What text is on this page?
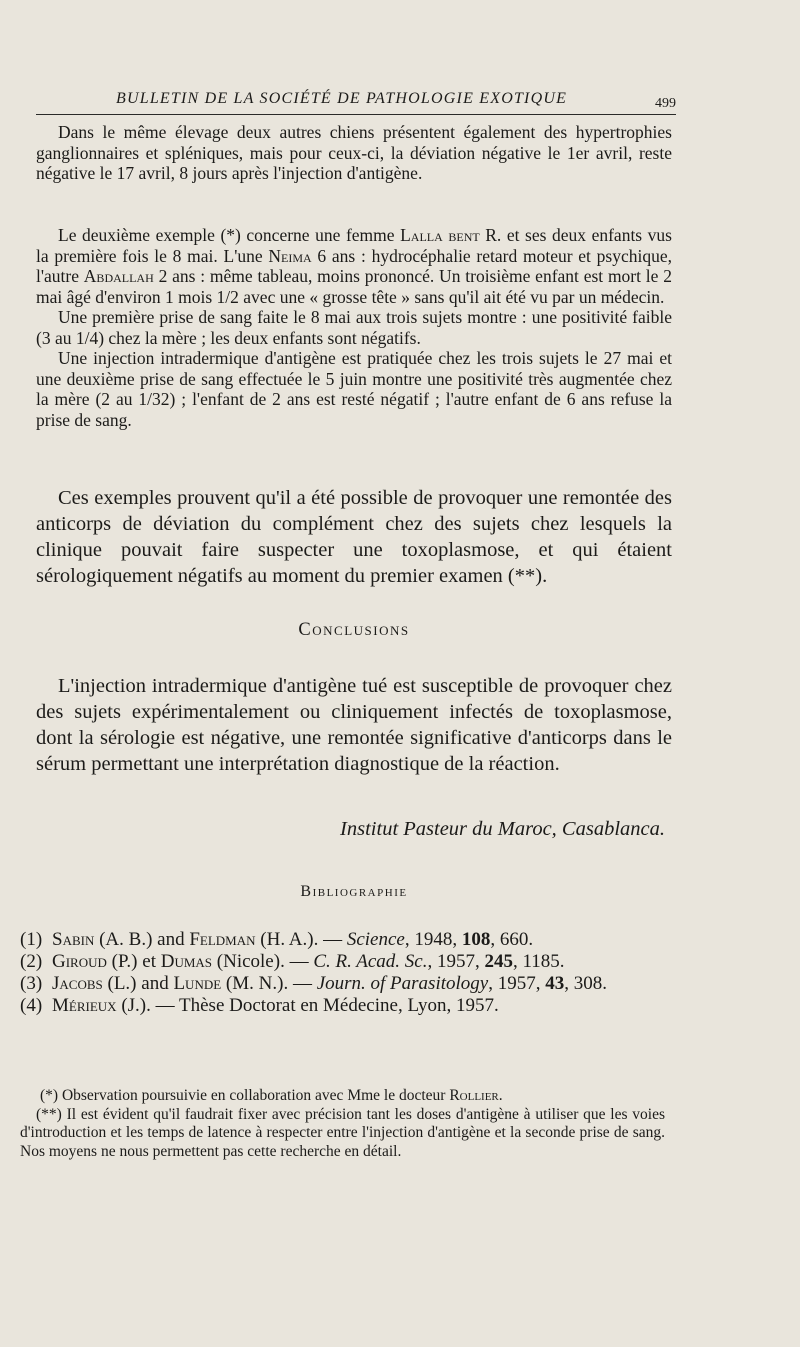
BULLETIN DE LA SOCIÉTÉ DE PATHOLOGIE EXOTIQUE	499

Dans le même élevage deux autres chiens présentent également des hypertrophies ganglionnaires et spléniques, mais pour ceux-ci, la déviation négative le 1er avril, reste négative le 17 avril, 8 jours après l'injection d'antigène.

Le deuxième exemple (*) concerne une femme Lalla bent R. et ses deux enfants vus la première fois le 8 mai. L'une Neima 6 ans : hydrocéphalie retard moteur et psychique, l'autre Abdallah 2 ans : même tableau, moins prononcé. Un troisième enfant est mort le 2 mai âgé d'environ 1 mois 1/2 avec une « grosse tête » sans qu'il ait été vu par un médecin.

Une première prise de sang faite le 8 mai aux trois sujets montre : une positivité faible (3 au 1/4) chez la mère ; les deux enfants sont négatifs.

Une injection intradermique d'antigène est pratiquée chez les trois sujets le 27 mai et une deuxième prise de sang effectuée le 5 juin montre une positivité très augmentée chez la mère (2 au 1/32) ; l'enfant de 2 ans est resté négatif ; l'autre enfant de 6 ans refuse la prise de sang.

Ces exemples prouvent qu'il a été possible de provoquer une remontée des anticorps de déviation du complément chez des sujets chez lesquels la clinique pouvait faire suspecter une toxoplasmose, et qui étaient sérologiquement négatifs au moment du premier examen (**).

Conclusions

L'injection intradermique d'antigène tué est susceptible de provoquer chez des sujets expérimentalement ou cliniquement infectés de toxoplasmose, dont la sérologie est négative, une remontée significative d'anticorps dans le sérum permettant une interprétation diagnostique de la réaction.

Institut Pasteur du Maroc, Casablanca.
Bibliographie
(1) Sabin (A. B.) and Feldman (H. A.). — Science, 1948, 108, 660.
(2) Giroud (P.) et Dumas (Nicole). — C. R. Acad. Sc., 1957, 245, 1185.
(3) Jacobs (L.) and Lunde (M. N.). — Journ. of Parasitology, 1957, 43, 308.
(4) Mérieux (J.). — Thèse Doctorat en Médecine, Lyon, 1957.

(*) Observation poursuivie en collaboration avec Mme le docteur Rollier.

(**) Il est évident qu'il faudrait fixer avec précision tant les doses d'antigène à utiliser que les voies d'introduction et les temps de latence à respecter entre l'injection d'antigène et la seconde prise de sang. Nos moyens ne nous permettent pas cette recherche en détail.
